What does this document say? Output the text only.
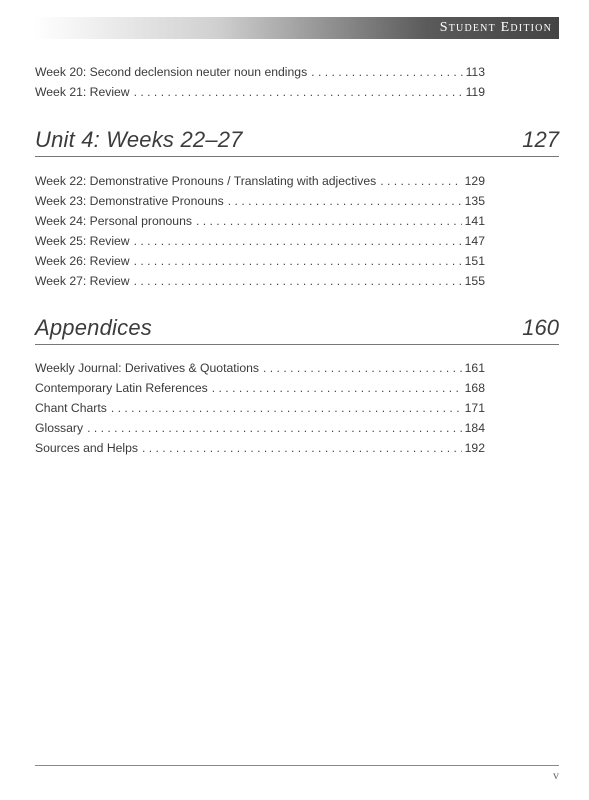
Student Edition
Week 20: Second declension neuter noun endings . . .	113
Week 21: Review . . .	119
Unit 4: Weeks 22–27	127
Week 22: Demonstrative Pronouns / Translating with adjectives . . .	129
Week 23: Demonstrative Pronouns . . .	135
Week 24: Personal pronouns . . .	141
Week 25: Review . . .	147
Week 26: Review . . .	151
Week 27: Review . . .	155
Appendices	160
Weekly Journal: Derivatives & Quotations . . .	161
Contemporary Latin References . . .	168
Chant Charts . . .	171
Glossary . . .	184
Sources and Helps . . .	192
v
